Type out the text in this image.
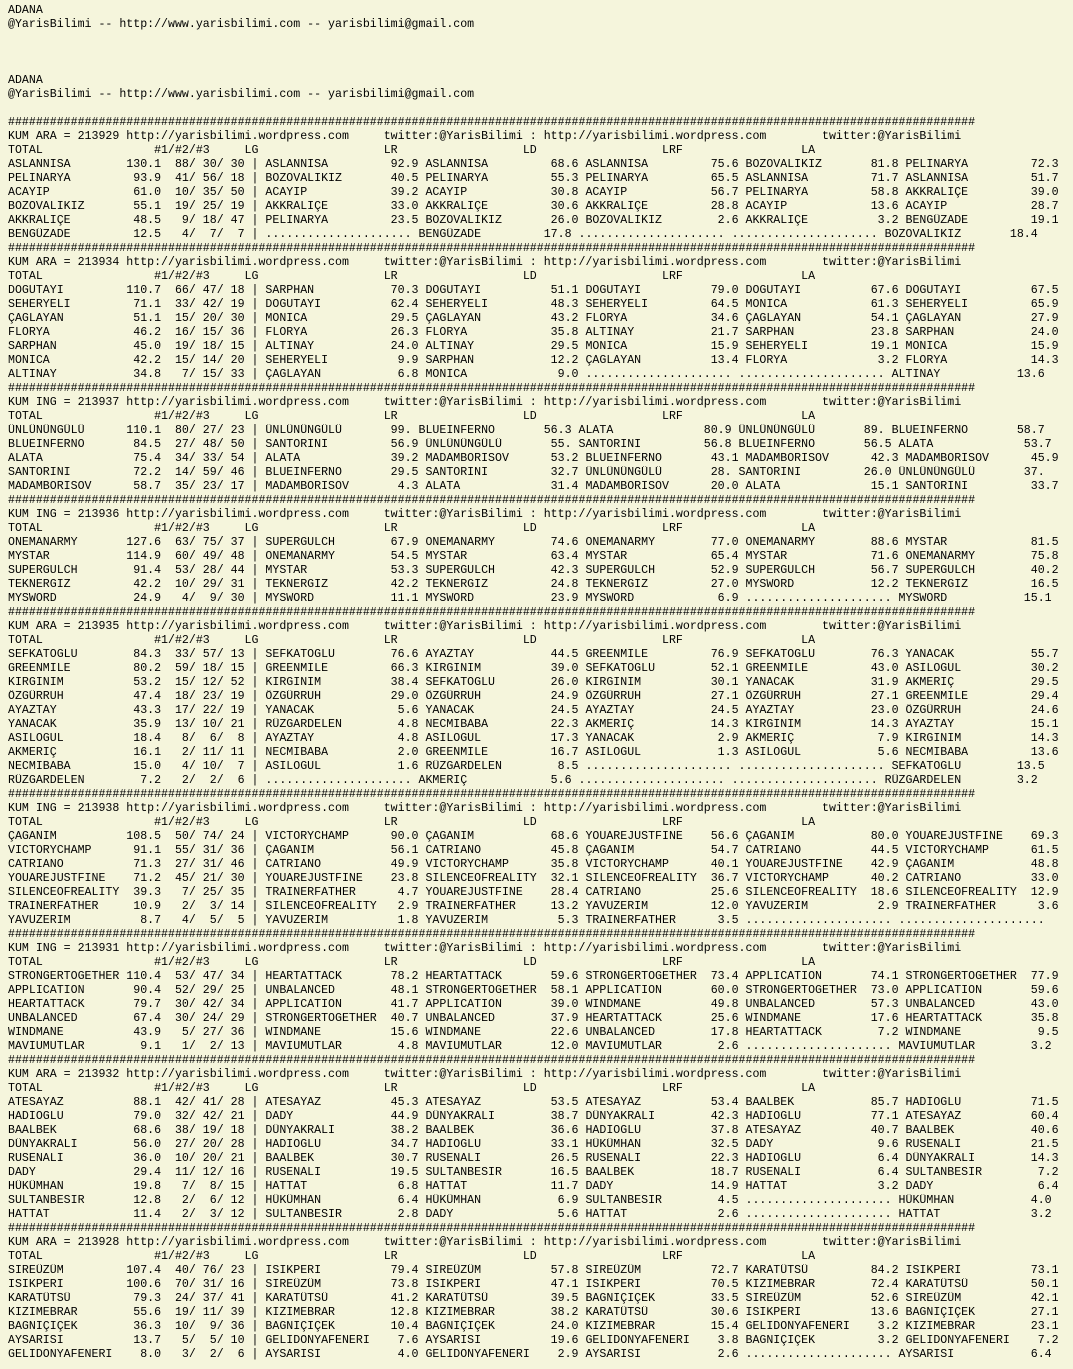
ADANA
@YarisBilimi -- http://www.yarisbilimi.com -- yarisbilimi@gmail.com
ADANA
@YarisBilimi -- http://www.yarisbilimi.com -- yarisbilimi@gmail.com
###########################################################################################################################################
KUM ARA = 213929 http://yarisbilimi.wordpress.com     twitter:@YarisBilimi : http://yarisbilimi.wordpress.com        twitter:@YarisBilimi
TOTAL                #1/#2/#3     LG                  LR                  LD                  LRF                 LA
ASLANNISA        130.1  88/ 30/ 30 | ASLANNISA         92.9 ASLANNISA         68.6 ASLANNISA         75.6 BOZOVALIKIZ       81.8 PELINARYA         72.3
PELINARYA         93.9  41/ 56/ 18 | BOZOVALIKIZ       40.5 PELINARYA         55.3 PELINARYA         65.5 ASLANNISA         71.7 ASLANNISA         51.7
ACAYIP            61.0  10/ 35/ 50 | ACAYIP            39.2 ACAYIP            30.8 ACAYIP            56.7 PELINARYA         58.8 AKKRALIÇE         39.0
BOZOVALIKIZ       55.1  19/ 25/ 19 | AKKRALIÇE         33.0 AKKRALIÇE         30.6 AKKRALIÇE         28.8 ACAYIP            13.6 ACAYIP            28.7
AKKRALIÇE         48.5   9/ 18/ 47 | PELINARYA         23.5 BOZOVALIKIZ       26.0 BOZOVALIKIZ        2.6 AKKRALIÇE          3.2 BENGÜZADE         19.1
BENGÜZADE         12.5   4/  7/  7 | ..................... BENGÜZADE         17.8 ..................... ..................... BOZOVALIKIZ       18.4
###########################################################################################################################################
KUM ARA = 213934 http://yarisbilimi.wordpress.com     twitter:@YarisBilimi : http://yarisbilimi.wordpress.com        twitter:@YarisBilimi
TOTAL                #1/#2/#3     LG                  LR                  LD                  LRF                 LA
DOGUTAYI         110.7  66/ 47/ 18 | SARPHAN           70.3 DOGUTAYI          51.1 DOGUTAYI          79.0 DOGUTAYI          67.6 DOGUTAYI          67.5
SEHERYELI         71.1  33/ 42/ 19 | DOGUTAYI          62.4 SEHERYELI         48.3 SEHERYELI         64.5 MONICA            61.3 SEHERYELI         65.9
ÇAGLAYAN          51.1  15/ 20/ 30 | MONICA            29.5 ÇAGLAYAN          43.2 FLORYA            34.6 ÇAGLAYAN          54.1 ÇAGLAYAN          27.9
FLORYA            46.2  16/ 15/ 36 | FLORYA            26.3 FLORYA            35.8 ALTINAY           21.7 SARPHAN           23.8 SARPHAN           24.0
SARPHAN           45.0  19/ 18/ 15 | ALTINAY           24.0 ALTINAY           29.5 MONICA            15.9 SEHERYELI         19.1 MONICA            15.9
MONICA            42.2  15/ 14/ 20 | SEHERYELI          9.9 SARPHAN           12.2 ÇAGLAYAN          13.4 FLORYA             3.2 FLORYA            14.3
ALTINAY           34.8   7/ 15/ 33 | ÇAGLAYAN           6.8 MONICA             9.0 ..................... ..................... ALTINAY           13.6
###########################################################################################################################################
KUM ING = 213937 http://yarisbilimi.wordpress.com     twitter:@YarisBilimi : http://yarisbilimi.wordpress.com        twitter:@YarisBilimi
TOTAL                #1/#2/#3     LG                  LR                  LD                  LRF                 LA
ÜNLÜNÜNGÜLÜ      110.1  80/ 27/ 23 | ÜNLÜNÜNGÜLÜ       99. BLUEINFERNO       56.3 ALATA             80.9 ÜNLÜNÜNGÜLÜ       89. BLUEINFERNO       58.7
BLUEINFERNO       84.5  27/ 48/ 50 | SANTORINI         56.9 ÜNLÜNÜNGÜLÜ       55. SANTORINI         56.8 BLUEINFERNO       56.5 ALATA             53.7
ALATA             75.4  34/ 33/ 54 | ALATA             39.2 MADAMBORISOV      53.2 BLUEINFERNO       43.1 MADAMBORISOV      42.3 MADAMBORISOV      45.9
SANTORINI         72.2  14/ 59/ 46 | BLUEINFERNO       29.5 SANTORINI         32.7 ÜNLÜNÜNGÜLÜ       28. SANTORINI         26.0 ÜNLÜNÜNGÜLÜ       37.
MADAMBORISOV      58.7  35/ 23/ 17 | MADAMBORISOV       4.3 ALATA             31.4 MADAMBORISOV      20.0 ALATA             15.1 SANTORINI         33.7
###########################################################################################################################################
KUM ING = 213936 http://yarisbilimi.wordpress.com     twitter:@YarisBilimi : http://yarisbilimi.wordpress.com        twitter:@YarisBilimi
TOTAL                #1/#2/#3     LG                  LR                  LD                  LRF                 LA
ONEMANARMY       127.6  63/ 75/ 37 | SUPERGULCH        67.9 ONEMANARMY        74.6 ONEMANARMY        77.0 ONEMANARMY        88.6 MYSTAR            81.5
MYSTAR           114.9  60/ 49/ 48 | ONEMANARMY        54.5 MYSTAR            63.4 MYSTAR            65.4 MYSTAR            71.6 ONEMANARMY        75.8
SUPERGULCH        91.4  53/ 28/ 44 | MYSTAR            53.3 SUPERGULCH        42.3 SUPERGULCH        52.9 SUPERGULCH        56.7 SUPERGULCH        40.2
TEKNERGIZ         42.2  10/ 29/ 31 | TEKNERGIZ         42.2 TEKNERGIZ         24.8 TEKNERGIZ         27.0 MYSWORD           12.2 TEKNERGIZ         16.5
MYSWORD           24.9   4/  9/ 30 | MYSWORD           11.1 MYSWORD           23.9 MYSWORD            6.9 ..................... MYSWORD           15.1
###########################################################################################################################################
KUM ARA = 213935 http://yarisbilimi.wordpress.com     twitter:@YarisBilimi : http://yarisbilimi.wordpress.com        twitter:@YarisBilimi
TOTAL                #1/#2/#3     LG                  LR                  LD                  LRF                 LA
SEFKATOGLU        84.3  33/ 57/ 13 | SEFKATOGLU        76.6 AYAZTAY           44.5 GREENMILE         76.9 SEFKATOGLU        76.3 YANACAK           55.7
GREENMILE         80.2  59/ 18/ 15 | GREENMILE         66.3 KIRGINIM          39.0 SEFKATOGLU        52.1 GREENMILE         43.0 ASILOGUL          30.2
KIRGINIM          53.2  15/ 12/ 52 | KIRGINIM          38.4 SEFKATOGLU        26.0 KIRGINIM          30.1 YANACAK           31.9 AKMERIÇ           29.5
ÖZGÜRRUH          47.4  18/ 23/ 19 | ÖZGÜRRUH          29.0 ÖZGÜRRUH          24.9 ÖZGÜRRUH          27.1 ÖZGÜRRUH          27.1 GREENMILE         29.4
AYAZTAY           43.3  17/ 22/ 19 | YANACAK            5.6 YANACAK           24.5 AYAZTAY           24.5 AYAZTAY           23.0 ÖZGÜRRUH          24.6
YANACAK           35.9  13/ 10/ 21 | RÜZGARDELEN        4.8 NECMIBABA         22.3 AKMERIÇ           14.3 KIRGINIM          14.3 AYAZTAY           15.1
ASILOGUL          18.4   8/  6/  8 | AYAZTAY            4.8 ASILOGUL          17.3 YANACAK            2.9 AKMERIÇ            7.9 KIRGINIM          14.3
AKMERIÇ           16.1   2/ 11/ 11 | NECMIBABA          2.0 GREENMILE         16.7 ASILOGUL           1.3 ASILOGUL           5.6 NECMIBABA         13.6
NECMIBABA         15.0   4/ 10/  7 | ASILOGUL           1.6 RÜZGARDELEN        8.5 ..................... ..................... SEFKATOGLU        13.5
RÜZGARDELEN        7.2   2/  2/  6 | ..................... AKMERIÇ            5.6 ..................... ..................... RÜZGARDELEN        3.2
###########################################################################################################################################
KUM ING = 213938 http://yarisbilimi.wordpress.com     twitter:@YarisBilimi : http://yarisbilimi.wordpress.com        twitter:@YarisBilimi
TOTAL                #1/#2/#3     LG                  LR                  LD                  LRF                 LA
ÇAGANIM          108.5  50/ 74/ 24 | VICTORYCHAMP      90.0 ÇAGANIM           68.6 YOUAREJUSTFINE    56.6 ÇAGANIM           80.0 YOUAREJUSTFINE    69.3
VICTORYCHAMP      91.1  55/ 31/ 36 | ÇAGANIM           56.1 CATRIANO          45.8 ÇAGANIM           54.7 CATRIANO          44.5 VICTORYCHAMP      61.5
CATRIANO          71.3  27/ 31/ 46 | CATRIANO          49.9 VICTORYCHAMP      35.8 VICTORYCHAMP      40.1 YOUAREJUSTFINE    42.9 ÇAGANIM           48.8
YOUAREJUSTFINE    71.2  45/ 21/ 30 | YOUAREJUSTFINE    23.8 SILENCEOFREALITY  32.1 SILENCEOFREALITY  36.7 VICTORYCHAMP      40.2 CATRIANO          33.0
SILENCEOFREALITY  39.3   7/ 25/ 35 | TRAINERFATHER      4.7 YOUAREJUSTFINE    28.4 CATRIANO          25.6 SILENCEOFREALITY  18.6 SILENCEOFREALITY  12.9
TRAINERFATHER     10.9   2/  3/ 14 | SILENCEOFREALITY   2.9 TRAINERFATHER     13.2 YAVUZERIM         12.0 YAVUZERIM          2.9 TRAINERFATHER      3.6
YAVUZERIM          8.7   4/  5/  5 | YAVUZERIM          1.8 YAVUZERIM          5.3 TRAINERFATHER      3.5 ..................... .....................
###########################################################################################################################################
KUM ING = 213931 http://yarisbilimi.wordpress.com     twitter:@YarisBilimi : http://yarisbilimi.wordpress.com        twitter:@YarisBilimi
TOTAL                #1/#2/#3     LG                  LR                  LD                  LRF                 LA
STRONGERTOGETHER 110.4  53/ 47/ 34 | HEARTATTACK       78.2 HEARTATTACK       59.6 STRONGERTOGETHER  73.4 APPLICATION       74.1 STRONGERTOGETHER  77.9
APPLICATION       90.4  52/ 29/ 25 | UNBALANCED        48.1 STRONGERTOGETHER  58.1 APPLICATION       60.0 STRONGERTOGETHER  73.0 APPLICATION       59.6
HEARTATTACK       79.7  30/ 42/ 34 | APPLICATION       41.7 APPLICATION       39.0 WINDMANE          49.8 UNBALANCED        57.3 UNBALANCED        43.0
UNBALANCED        67.4  30/ 24/ 29 | STRONGERTOGETHER  40.7 UNBALANCED        37.9 HEARTATTACK       25.6 WINDMANE          17.6 HEARTATTACK       35.8
WINDMANE          43.9   5/ 27/ 36 | WINDMANE          15.6 WINDMANE          22.6 UNBALANCED        17.8 HEARTATTACK        7.2 WINDMANE           9.5
MAVIUMUTLAR        9.1   1/  2/ 13 | MAVIUMUTLAR        4.8 MAVIUMUTLAR       12.0 MAVIUMUTLAR        2.6 ..................... MAVIUMUTLAR        3.2
###########################################################################################################################################
KUM ARA = 213932 http://yarisbilimi.wordpress.com     twitter:@YarisBilimi : http://yarisbilimi.wordpress.com        twitter:@YarisBilimi
TOTAL                #1/#2/#3     LG                  LR                  LD                  LRF                 LA
ATESAYAZ          88.1  42/ 41/ 28 | ATESAYAZ          45.3 ATESAYAZ          53.5 ATESAYAZ          53.4 BAALBEK           85.7 HADIOGLU          71.5
HADIOGLU          79.0  32/ 42/ 21 | DADY              44.9 DÜNYAKRALI        38.7 DÜNYAKRALI        42.3 HADIOGLU          77.1 ATESAYAZ          60.4
BAALBEK           68.6  38/ 19/ 18 | DÜNYAKRALI        38.2 BAALBEK           36.6 HADIOGLU          37.8 ATESAYAZ          40.7 BAALBEK           40.6
DÜNYAKRALI        56.0  27/ 20/ 28 | HADIOGLU          34.7 HADIOGLU          33.1 HÜKÜMHAN          32.5 DADY               9.6 RUSENALI          21.5
RUSENALI          36.0  10/ 20/ 21 | BAALBEK           30.7 RUSENALI          26.5 RUSENALI          22.3 HADIOGLU           6.4 DÜNYAKRALI        14.3
DADY              29.4  11/ 12/ 16 | RUSENALI          19.5 SULTANBESIR       16.5 BAALBEK           18.7 RUSENALI           6.4 SULTANBESIR        7.2
HÜKÜMHAN          19.8   7/  8/ 15 | HATTAT             6.8 HATTAT            11.7 DADY              14.9 HATTAT             3.2 DADY               6.4
SULTANBESIR       12.8   2/  6/ 12 | HÜKÜMHAN           6.4 HÜKÜMHAN           6.9 SULTANBESIR        4.5 ..................... HÜKÜMHAN           4.0
HATTAT            11.4   2/  3/ 12 | SULTANBESIR        2.8 DADY               5.6 HATTAT             2.6 ..................... HATTAT             3.2
###########################################################################################################################################
KUM ARA = 213928 http://yarisbilimi.wordpress.com     twitter:@YarisBilimi : http://yarisbilimi.wordpress.com        twitter:@YarisBilimi
TOTAL                #1/#2/#3     LG                  LR                  LD                  LRF                 LA
SIREÜZÜM         107.4  40/ 76/ 23 | ISIKPERI          79.4 SIREÜZÜM          57.8 SIREÜZÜM          72.7 KARATÜTSÜ         84.2 ISIKPERI          73.1
ISIKPERI         100.6  70/ 31/ 16 | SIREÜZÜM          73.8 ISIKPERI          47.1 ISIKPERI          70.5 KIZIMEBRAR        72.4 KARATÜTSÜ         50.1
KARATÜTSÜ         79.3  24/ 37/ 41 | KARATÜTSÜ         41.2 KARATÜTSÜ         39.5 BAGNIÇIÇEK        33.5 SIREÜZÜM          52.6 SIREÜZÜM          42.1
KIZIMEBRAR        55.6  19/ 11/ 39 | KIZIMEBRAR        12.8 KIZIMEBRAR        38.2 KARATÜTSÜ         30.6 ISIKPERI          13.6 BAGNIÇIÇEK        27.1
BAGNIÇIÇEK        36.3  10/  9/ 36 | BAGNIÇIÇEK        10.4 BAGNIÇIÇEK        24.0 KIZIMEBRAR        15.4 GELIDONYAFENERI    3.2 KIZIMEBRAR        23.1
AYSARISI          13.7   5/  5/ 10 | GELIDONYAFENERI    7.6 AYSARISI          19.6 GELIDONYAFENERI    3.8 BAGNIÇIÇEK         3.2 GELIDONYAFENERI    7.2
GELIDONYAFENERI    8.0   3/  2/  6 | AYSARISI           4.0 GELIDONYAFENERI    2.9 AYSARISI           2.6 ..................... AYSARISI           6.4
